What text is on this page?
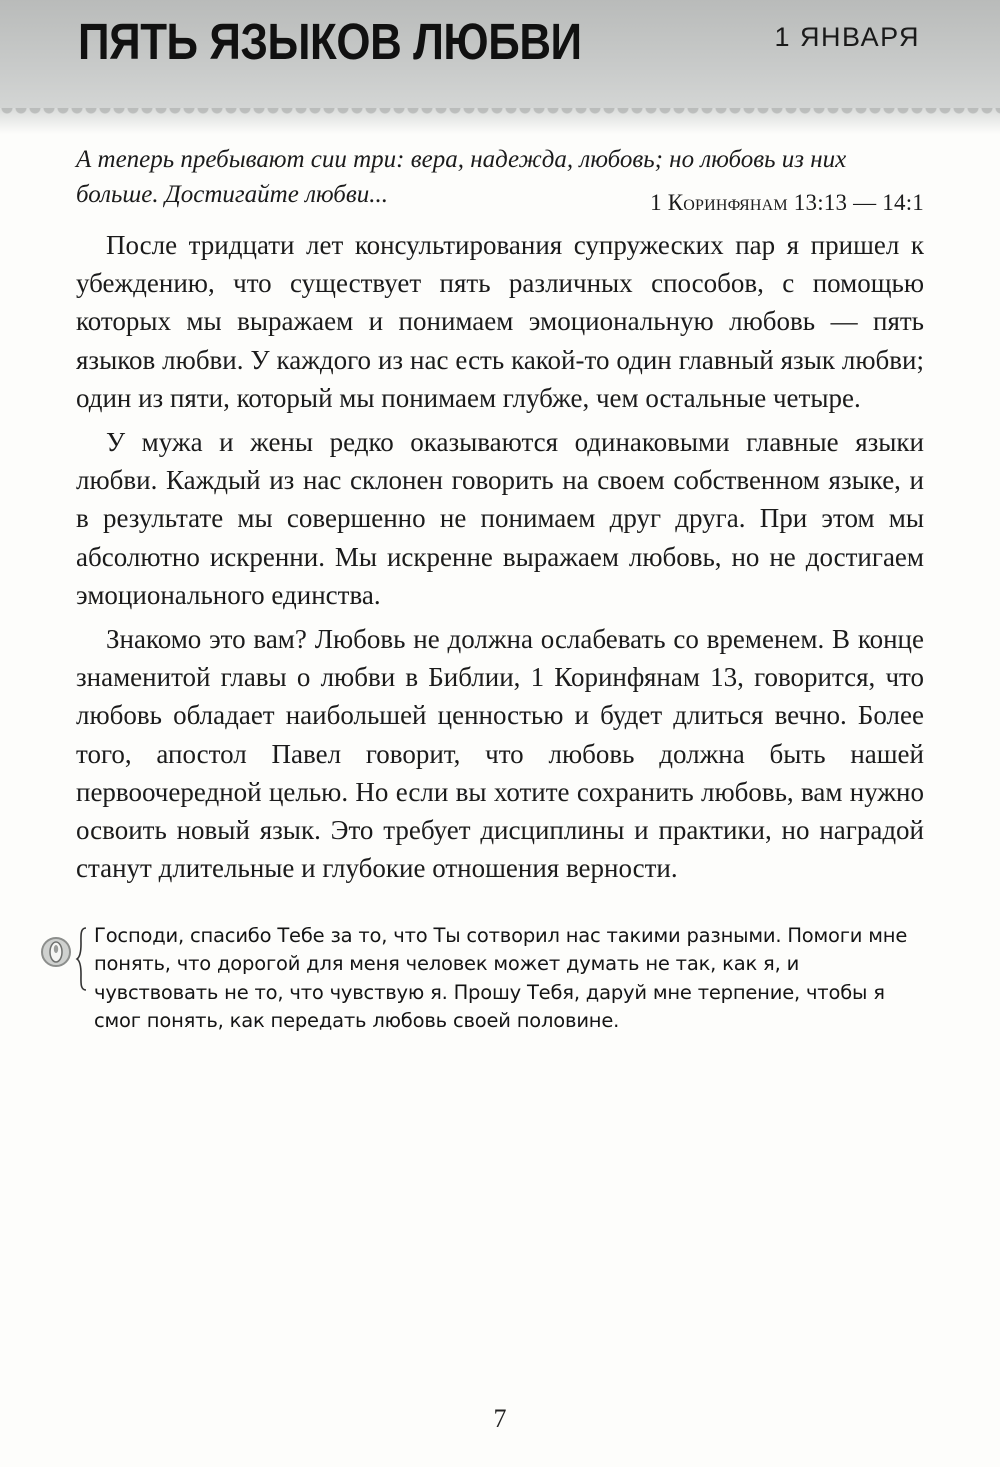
ПЯТЬ ЯЗЫКОВ ЛЮБВИ	1 ЯНВАРЯ

А теперь пребывают сии три: вера, надежда, любовь; но любовь из них больше. Достигайте любви...	1 Коринфянам 13:13 — 14:1

После тридцати лет консультирования супружеских пар я пришел к убеждению, что существует пять различных способов, с помощью которых мы выражаем и понимаем эмоциональную любовь — пять языков любви. У каждого из нас есть какой-то один главный язык любви; один из пяти, который мы понимаем глубже, чем остальные четыре.

У мужа и жены редко оказываются одинаковыми главные языки любви. Каждый из нас склонен говорить на своем собственном языке, и в результате мы совершенно не понимаем друг друга. При этом мы абсолютно искренни. Мы искренне выражаем любовь, но не достигаем эмоционального единства.

Знакомо это вам? Любовь не должна ослабевать со временем. В конце знаменитой главы о любви в Библии, 1 Коринфянам 13, говорится, что любовь обладает наибольшей ценностью и будет длиться вечно. Более того, апостол Павел говорит, что любовь должна быть нашей первоочередной целью. Но если вы хотите сохранить любовь, вам нужно освоить новый язык. Это требует дисциплины и практики, но наградой станут длительные и глубокие отношения верности.

Господи, спасибо Тебе за то, что Ты сотворил нас такими разными. Помоги мне понять, что дорогой для меня человек может думать не так, как я, и чувствовать не то, что чувствую я. Прошу Тебя, даруй мне терпение, чтобы я смог понять, как передать любовь своей половине.

7
